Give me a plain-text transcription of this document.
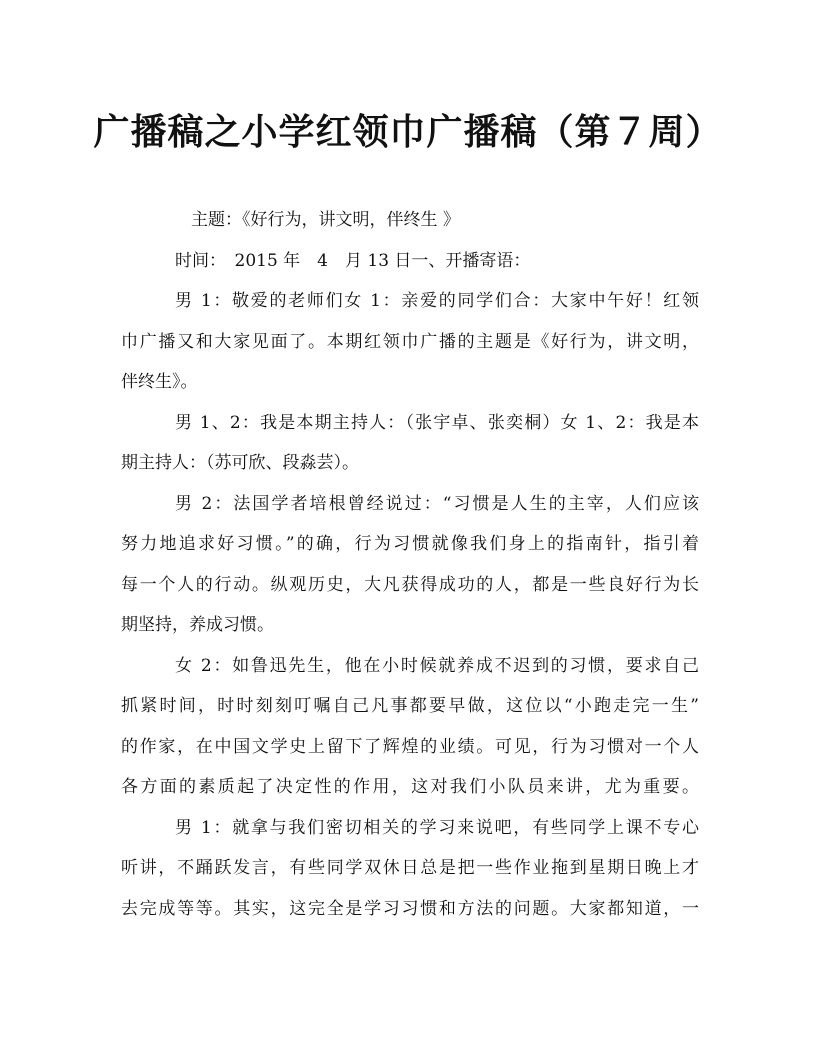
广播稿之小学红领巾广播稿（第７周）
主题：《好行为，讲文明，伴终生 》
时间：　2015 年　4　月 13 日一、开播寄语：
男 1：敬爱的老师们女 1：亲爱的同学们合：大家中午好！红领
巾广播又和大家见面了。本期红领巾广播的主题是《好行为，讲文明，
伴终生》。
男 1、2：我是本期主持人：（张宇卓、张奕桐）女 1、2：我是本
期主持人：（苏可欣、段淼芸）。
男 2：法国学者培根曾经说过：“习惯是人生的主宰，人们应该
努力地追求好习惯。”的确，行为习惯就像我们身上的指南针，指引着
每一个人的行动。纵观历史，大凡获得成功的人，都是一些良好行为长
期坚持，养成习惯。
女 2：如鲁迅先生，他在小时候就养成不迟到的习惯，要求自己
抓紧时间，时时刻刻叮嘱自己凡事都要早做，这位以“小跑走完一生”
的作家，在中国文学史上留下了辉煌的业绩。可见，行为习惯对一个人
各方面的素质起了决定性的作用，这对我们小队员来讲，尤为重要。
男 1：就拿与我们密切相关的学习来说吧，有些同学上课不专心
听讲，不踊跃发言，有些同学双休日总是把一些作业拖到星期日晚上才
去完成等等。其实，这完全是学习习惯和方法的问题。大家都知道，一
